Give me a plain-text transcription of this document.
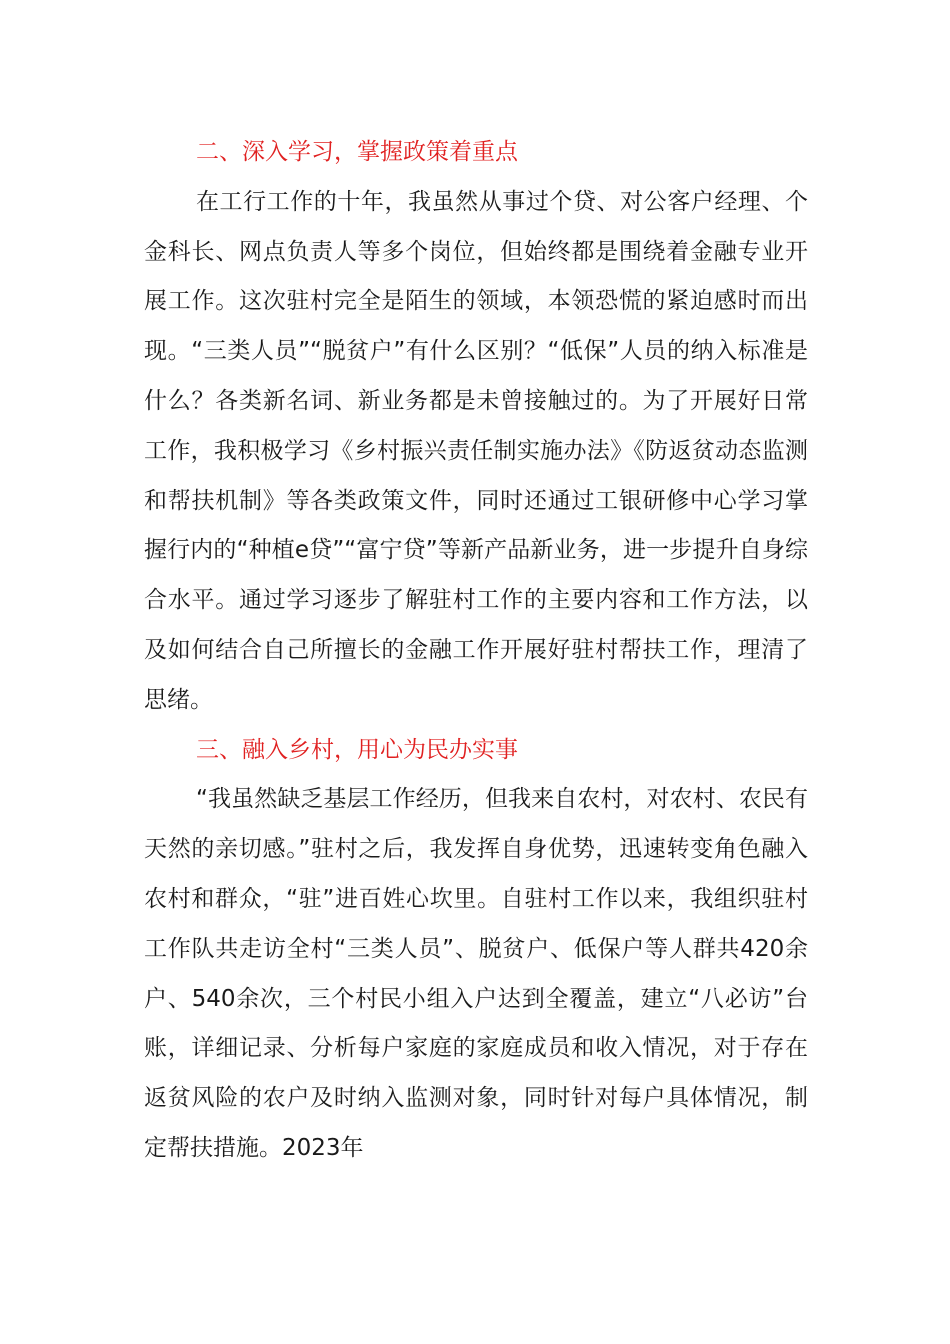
二、深入学习，掌握政策着重点

在工行工作的十年，我虽然从事过个贷、对公客户经理、个金科长、网点负责人等多个岗位，但始终都是围绕着金融专业开展工作。这次驻村完全是陌生的领域，本领恐慌的紧迫感时而出现。“三类人员”“脱贫户”有什么区别？“低保”人员的纳入标准是什么？各类新名词、新业务都是未曾接触过的。为了开展好日常工作，我积极学习《乡村振兴责任制实施办法》《防返贫动态监测和帮扶机制》等各类政策文件，同时还通过工银研修中心学习掌握行内的“种植e贷”“富宁贷”等新产品新业务，进一步提升自身综合水平。通过学习逐步了解驻村工作的主要内容和工作方法，以及如何结合自己所擅长的金融工作开展好驻村帮扶工作，理清了思绪。

三、融入乡村，用心为民办实事

“我虽然缺乏基层工作经历，但我来自农村，对农村、农民有天然的亲切感。”驻村之后，我发挥自身优势，迅速转变角色融入农村和群众，“驻”进百姓心坎里。自驻村工作以来，我组织驻村工作队共走访全村“三类人员”、脱贫户、低保户等人群共420余户、540余次，三个村民小组入户达到全覆盖，建立“八必访”台账，详细记录、分析每户家庭的家庭成员和收入情况，对于存在返贫风险的农户及时纳入监测对象，同时针对每户具体情况，制定帮扶措施。2023年
